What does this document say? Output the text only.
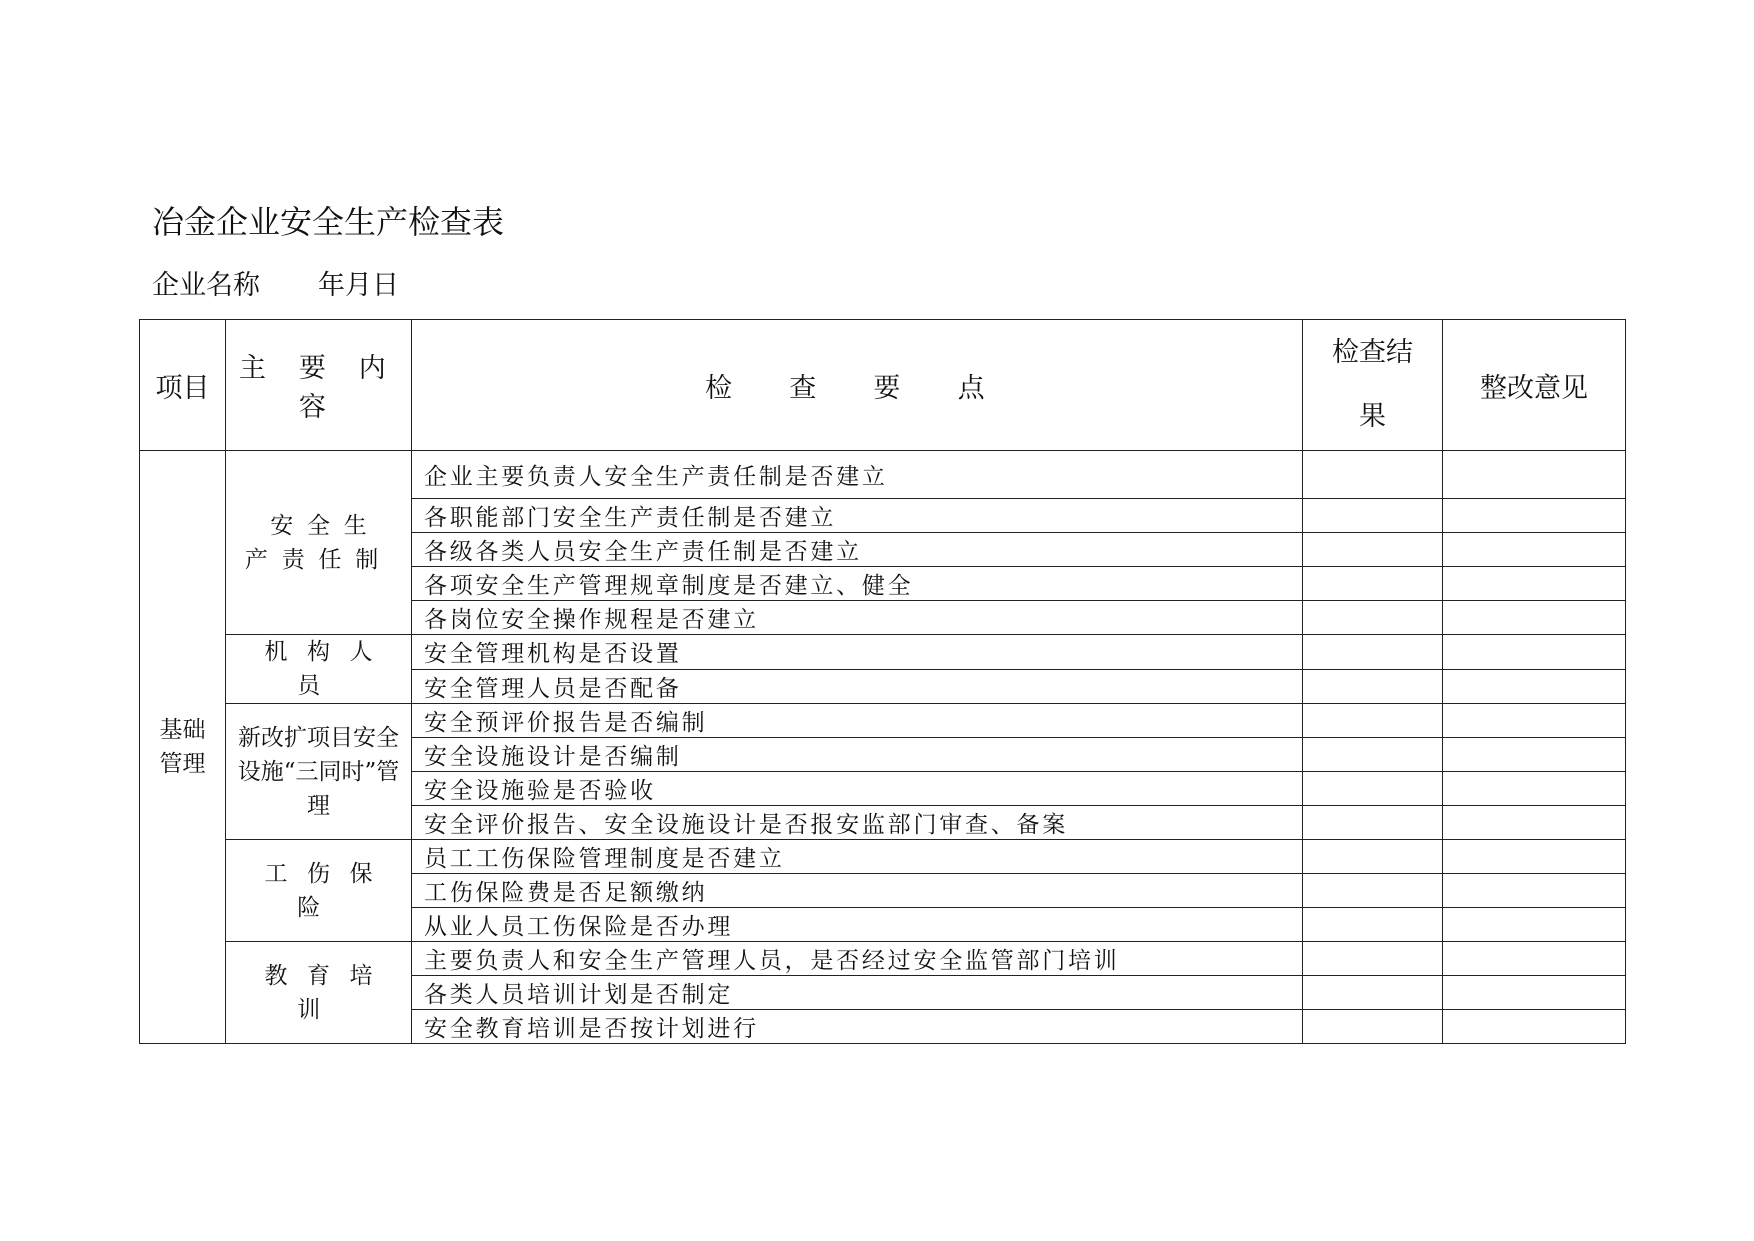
冶金企业安全生产检查表
企业名称 年月日
项目	主 要 内 容	检 查 要 点	检查结果	整改意见
基础管理	安全生产责任制	企业主要负责人安全生产责任制是否建立		
		各职能部门安全生产责任制是否建立		
		各级各类人员安全生产责任制是否建立		
		各项安全生产管理规章制度是否建立、健全		
		各岗位安全操作规程是否建立		
	机构人员	安全管理机构是否设置		
		安全管理人员是否配备		
	新改扩项目安全设施“三同时”管理	安全预评价报告是否编制		
		安全设施设计是否编制		
		安全设施验是否验收		
		安全评价报告、安全设施设计是否报安监部门审查、备案		
	工伤保险	员工工伤保险管理制度是否建立		
		工伤保险费是否足额缴纳		
		从业人员工伤保险是否办理		
	教育培训	主要负责人和安全生产管理人员，是否经过安全监管部门培训		
		各类人员培训计划是否制定		
		安全教育培训是否按计划进行		
